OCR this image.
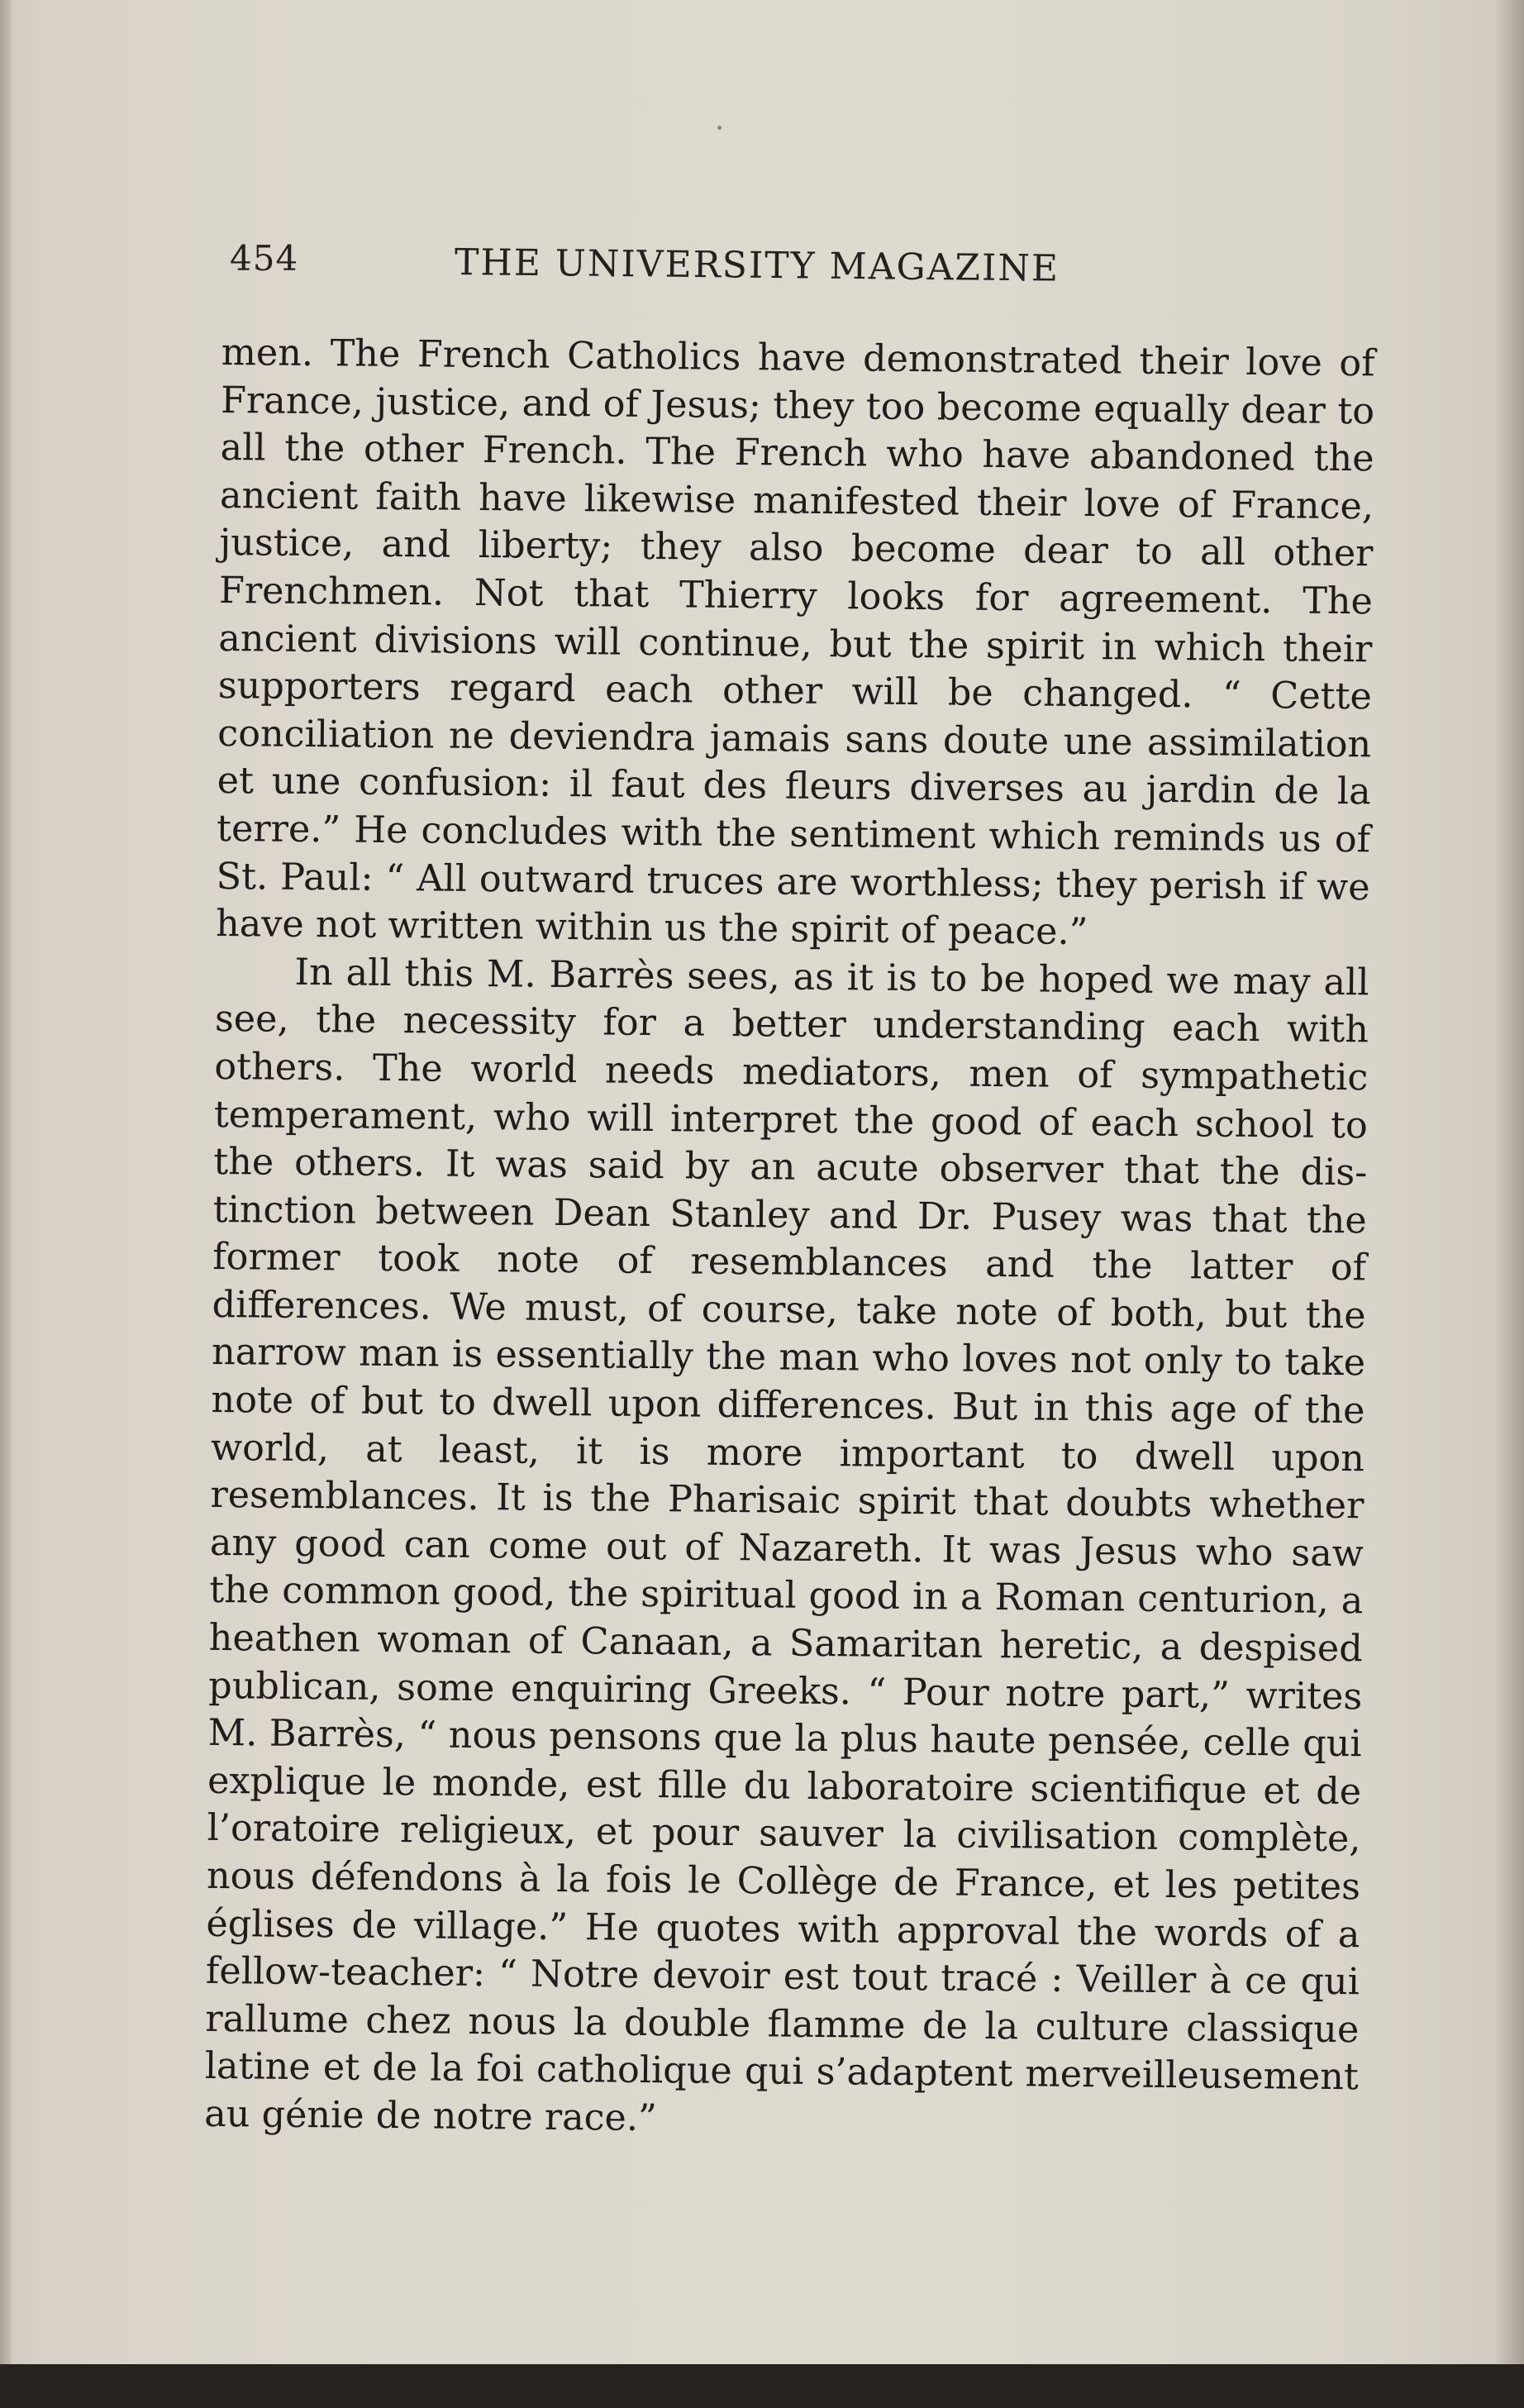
454	THE UNIVERSITY MAGAZINE

men. The French Catholics have demonstrated their love of France, justice, and of Jesus; they too become equally dear to all the other French. The French who have abandoned the ancient faith have likewise manifested their love of France, justice, and liberty; they also become dear to all other Frenchmen. Not that Thierry looks for agreement. The ancient divisions will continue, but the spirit in which their supporters regard each other will be changed. “ Cette conciliation ne deviendra jamais sans doute une assimilation et une confusion: il faut des fleurs diverses au jardin de la terre.” He concludes with the sentiment which reminds us of St. Paul: “ All outward truces are worthless; they perish if we have not written within us the spirit of peace.”

In all this M. Barrès sees, as it is to be hoped we may all see, the necessity for a better understanding each with others. The world needs mediators, men of sympathetic temperament, who will interpret the good of each school to the others. It was said by an acute observer that the distinction between Dean Stanley and Dr. Pusey was that the former took note of resemblances and the latter of differences. We must, of course, take note of both, but the narrow man is essentially the man who loves not only to take note of but to dwell upon differences. But in this age of the world, at least, it is more important to dwell upon resemblances. It is the Pharisaic spirit that doubts whether any good can come out of Nazareth. It was Jesus who saw the common good, the spiritual good in a Roman centurion, a heathen woman of Canaan, a Samaritan heretic, a despised publican, some enquiring Greeks. “ Pour notre part,” writes M. Barrès, “ nous pensons que la plus haute pensée, celle qui explique le monde, est fille du laboratoire scientifique et de l’oratoire religieux, et pour sauver la civilisation complète, nous défendons à la fois le Collège de France, et les petites églises de village.” He quotes with approval the words of a fellow-teacher: “ Notre devoir est tout tracé : Veiller à ce qui rallume chez nous la double flamme de la culture classique latine et de la foi catholique qui s’adaptent merveilleusement au génie de notre race.”
